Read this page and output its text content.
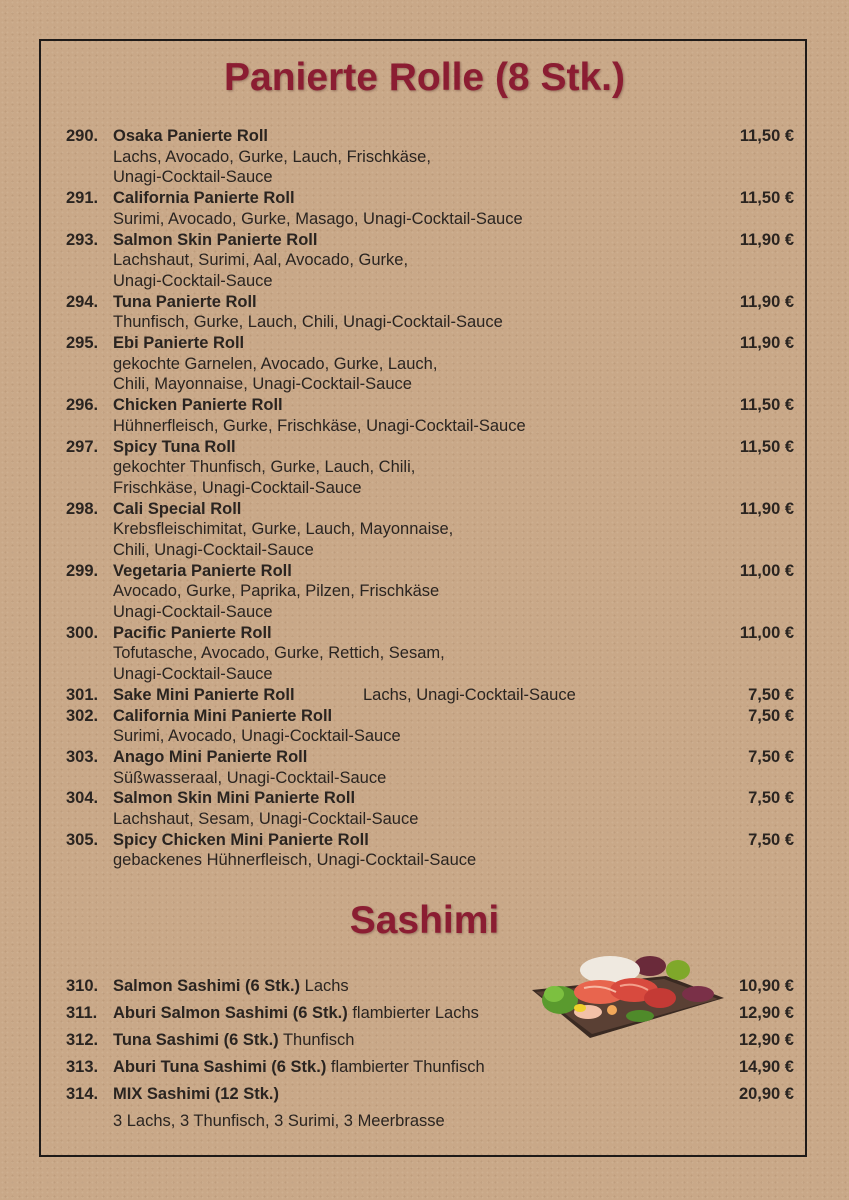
Panierte Rolle (8 Stk.)
290. Osaka Panierte Roll	11,50 €
Lachs, Avocado, Gurke, Lauch, Frischkäse,
Unagi-Cocktail-Sauce
291. California Panierte Roll	11,50 €
Surimi, Avocado, Gurke, Masago, Unagi-Cocktail-Sauce
293. Salmon Skin Panierte Roll	11,90 €
Lachshaut, Surimi, Aal, Avocado, Gurke,
Unagi-Cocktail-Sauce
294. Tuna Panierte Roll	11,90 €
Thunfisch, Gurke, Lauch, Chili, Unagi-Cocktail-Sauce
295. Ebi Panierte Roll	11,90 €
gekochte Garnelen, Avocado, Gurke, Lauch,
Chili, Mayonnaise, Unagi-Cocktail-Sauce
296. Chicken Panierte Roll	11,50 €
Hühnerfleisch, Gurke, Frischkäse, Unagi-Cocktail-Sauce
297. Spicy Tuna Roll	11,50 €
gekochter Thunfisch, Gurke, Lauch, Chili,
Frischkäse, Unagi-Cocktail-Sauce
298. Cali Special Roll	11,90 €
Krebsfleischimitat, Gurke, Lauch, Mayonnaise,
Chili, Unagi-Cocktail-Sauce
299. Vegetaria Panierte Roll	11,00 €
Avocado, Gurke, Paprika, Pilzen, Frischkäse
Unagi-Cocktail-Sauce
300. Pacific Panierte Roll	11,00 €
Tofutasche, Avocado, Gurke, Rettich, Sesam,
Unagi-Cocktail-Sauce
301. Sake Mini Panierte Roll	7,50 €
Lachs, Unagi-Cocktail-Sauce
302. California Mini Panierte Roll	7,50 €
Surimi, Avocado, Unagi-Cocktail-Sauce
303. Anago Mini Panierte Roll	7,50 €
Süßwasseraal, Unagi-Cocktail-Sauce
304. Salmon Skin Mini Panierte Roll	7,50 €
Lachshaut, Sesam, Unagi-Cocktail-Sauce
305. Spicy Chicken Mini Panierte Roll	7,50 €
gebackenes Hühnerfleisch, Unagi-Cocktail-Sauce
Sashimi
310. Salmon Sashimi (6 Stk.) Lachs	10,90 €
311. Aburi Salmon Sashimi (6 Stk.) flambierter Lachs	12,90 €
312. Tuna Sashimi (6 Stk.) Thunfisch	12,90 €
313. Aburi Tuna Sashimi (6 Stk.) flambierter Thunfisch	14,90 €
314. MIX Sashimi (12 Stk.)	20,90 €
3 Lachs, 3 Thunfisch, 3 Surimi, 3 Meerbrasse
